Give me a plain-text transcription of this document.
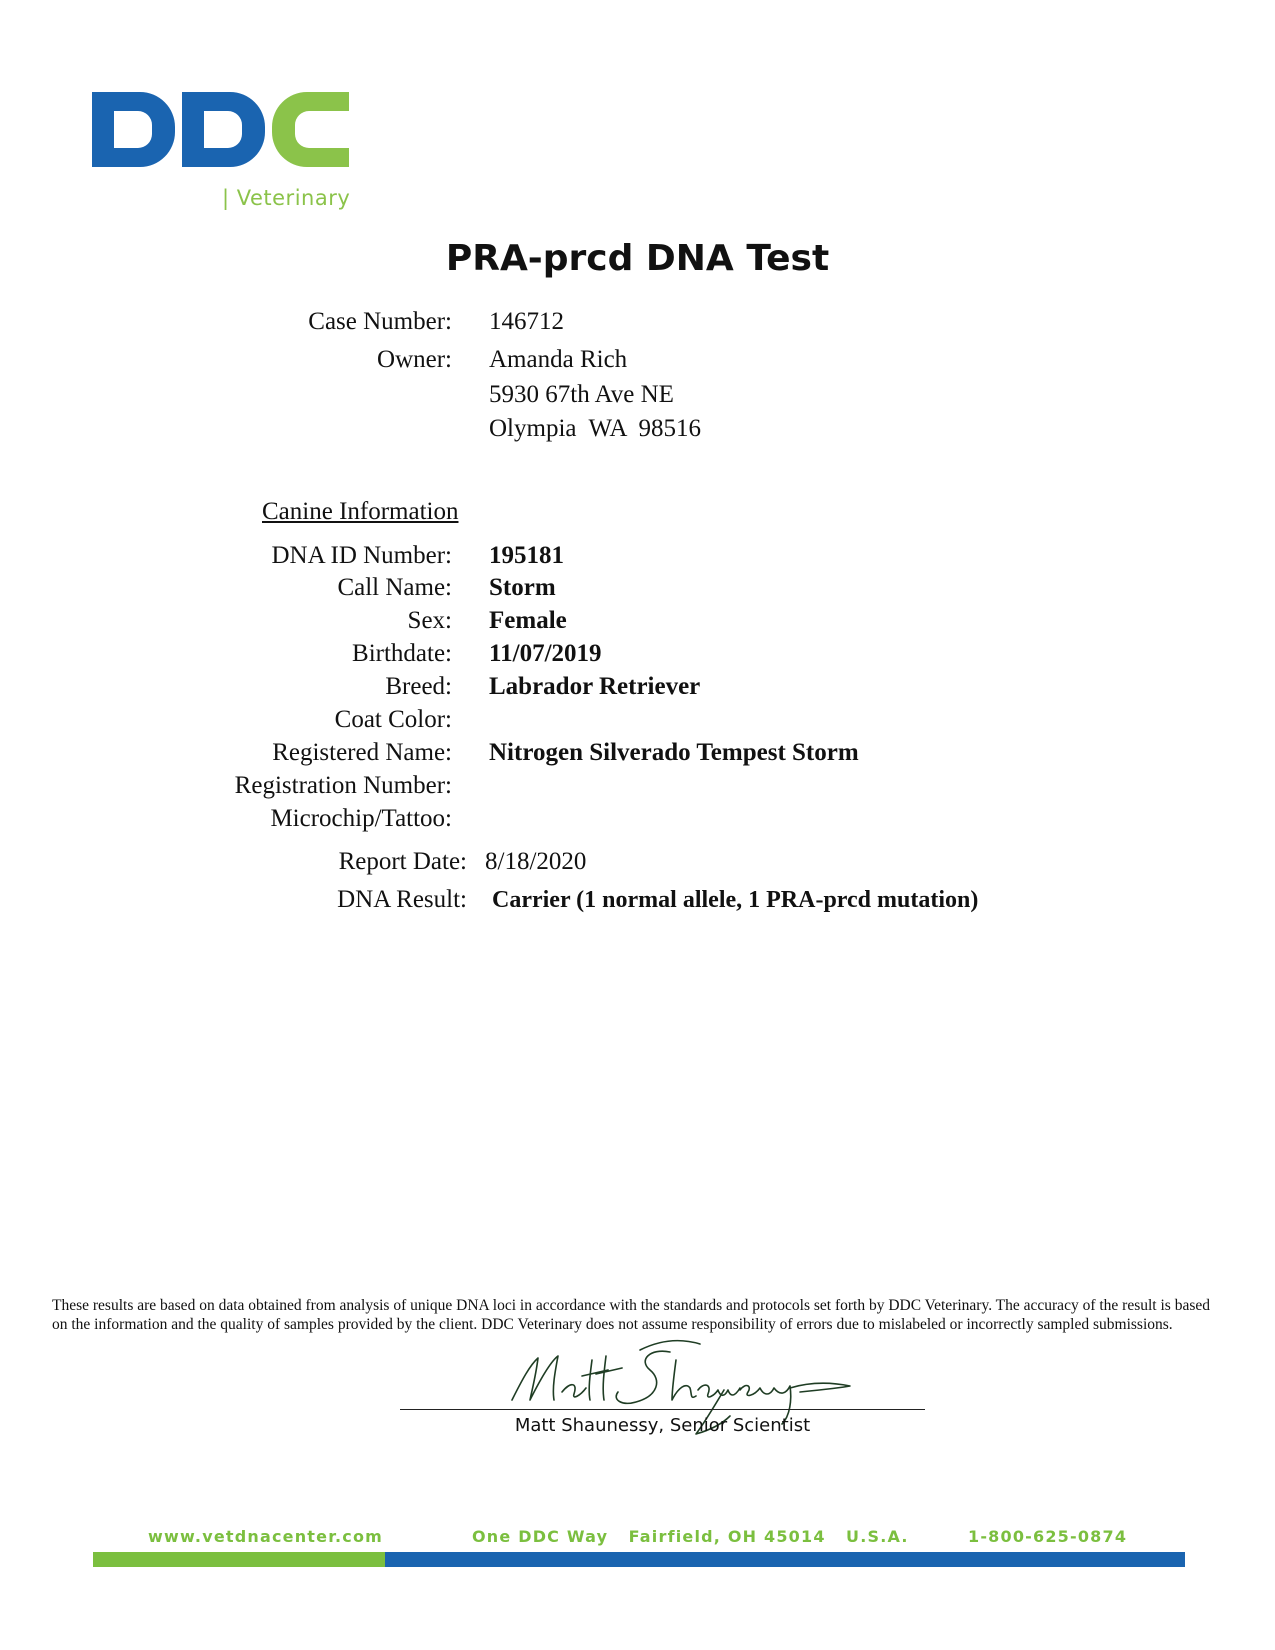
| Veterinary
PRA-prcd DNA Test
Case Number: 146712
Owner: Amanda Rich
5930 67th Ave NE
Olympia  WA  98516
Canine Information
DNA ID Number: 195181
Call Name: Storm
Sex: Female
Birthdate: 11/07/2019
Breed: Labrador Retriever
Coat Color:
Registered Name: Nitrogen Silverado Tempest Storm
Registration Number:
Microchip/Tattoo:
Report Date: 8/18/2020
DNA Result: Carrier (1 normal allele, 1 PRA-prcd mutation)
These results are based on data obtained from analysis of unique DNA loci in accordance with the standards and protocols set forth by DDC Veterinary. The accuracy of the result is based on the information and the quality of samples provided by the client. DDC Veterinary does not assume responsibility of errors due to mislabeled or incorrectly sampled submissions.
Matt Shaunessy, Senior Scientist
www.vetdnacenter.com	One DDC Way   Fairfield, OH 45014   U.S.A.	1-800-625-0874
